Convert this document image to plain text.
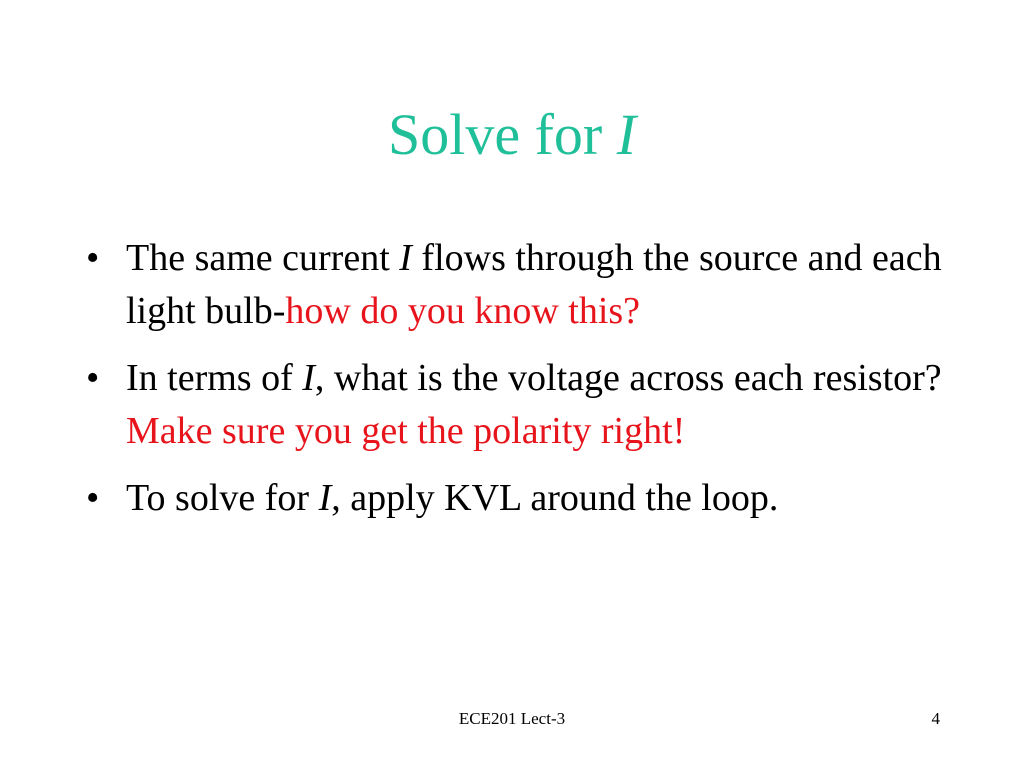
Solve for I
• The same current I flows through the source and each light bulb-how do you know this?
• In terms of I, what is the voltage across each resistor? Make sure you get the polarity right!
• To solve for I, apply KVL around the loop.
ECE201 Lect-3	4
